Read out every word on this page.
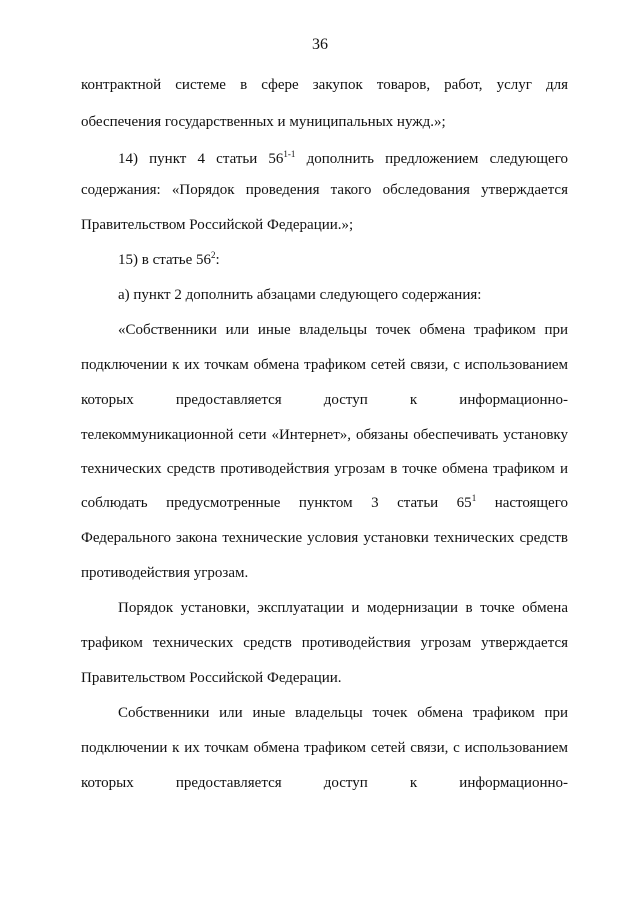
36
контрактной системе в сфере закупок товаров, работ, услуг для
обеспечения государственных и муниципальных нужд.»;
14) пункт 4 статьи 56$^{1-1}$ дополнить предложением следующего
содержания: «Порядок проведения такого обследования утверждается
Правительством Российской Федерации.»;
15) в статье $56^2$:
а) пункт 2 дополнить абзацами следующего содержания:
«Собственники или иные владельцы точек обмена трафиком при
подключении к их точкам обмена трафиком сетей связи, с использованием
которых предоставляется доступ к информационно-
телекоммуникационной сети «Интернет», обязаны обеспечивать установку
технических средств противодействия угрозам в точке обмена трафиком и
соблюдать предусмотренные пунктом 3 статьи $65^1$ настоящего
Федерального закона технические условия установки технических средств
противодействия угрозам.
Порядок установки, эксплуатации и модернизации в точке обмена
трафиком технических средств противодействия угрозам утверждается
Правительством Российской Федерации.
Собственники или иные владельцы точек обмена трафиком при
подключении к их точкам обмена трафиком сетей связи, с использованием
которых предоставляется доступ к информационно-
